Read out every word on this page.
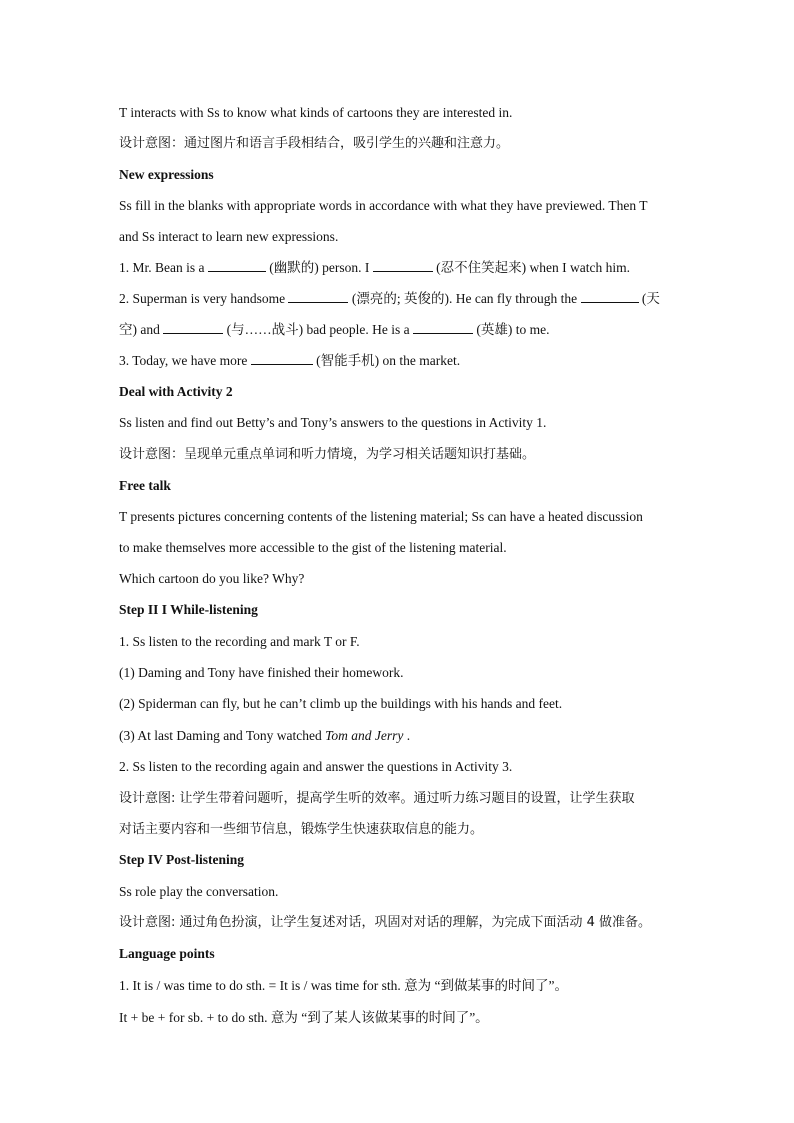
T interacts with Ss to know what kinds of cartoons they are interested in.
设计意图：通过图片和语言手段相结合，吸引学生的兴趣和注意力。
New expressions
Ss fill in the blanks with appropriate words in accordance with what they have previewed. Then T
and Ss interact to learn new expressions.
1. Mr. Bean is a	(幽默的) person. I	(忍不住笑起来) when I watch him.
2. Superman is very handsome	(漂亮的; 英俊的). He can fly through the	(天
空) and	(与……战斗) bad people. He is a	(英雄) to me.
3. Today, we have more	(智能手机) on the market.
Deal with Activity 2
Ss listen and find out Betty’s and Tony’s answers to the questions in Activity 1.
设计意图：呈现单元重点单词和听力情境，为学习相关话题知识打基础。
Free talk
T presents pictures concerning contents of the listening material; Ss can have a heated discussion
to make themselves more accessible to the gist of the listening material.
Which cartoon do you like? Why?
Step II I While-listening
1. Ss listen to the recording and mark T or F.
(1) Daming and Tony have finished their homework.
(2) Spiderman can fly, but he can’t climb up the buildings with his hands and feet.
(3) At last Daming and Tony watched Tom and Jerry .
2. Ss listen to the recording again and answer the questions in Activity 3.
设计意图: 让学生带着问题听，提高学生听的效率。通过听力练习题目的设置，让学生获取
对话主要内容和一些细节信息，锻炼学生快速获取信息的能力。
Step IV Post-listening
Ss role play the conversation.
设计意图: 通过角色扮演，让学生复述对话，巩固对对话的理解，为完成下面活动 4 做准备。
Language points
1. It is / was time to do sth. = It is / was time for sth. 意为 “到做某事的时间了”。
It + be + for sb. + to do sth. 意为 “到了某人该做某事的时间了”。
